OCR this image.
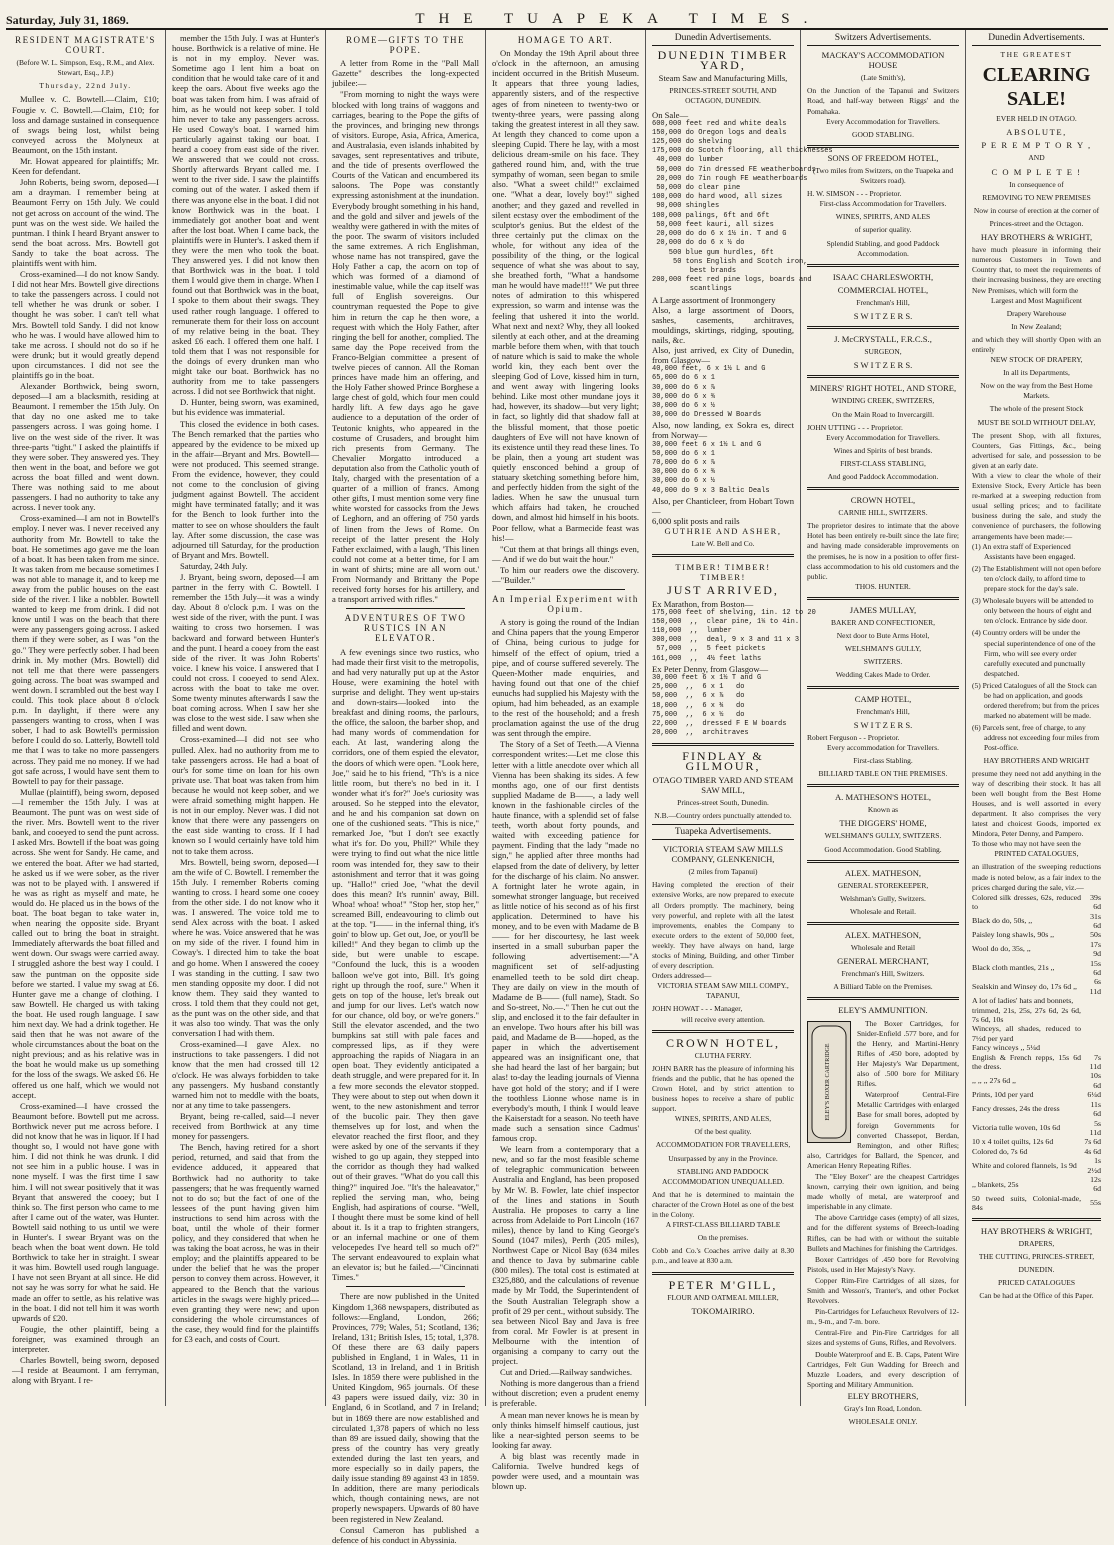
Saturday, July 31, 1869.	THE TUAPEKA TIMES.
RESIDENT MAGISTRATE'S COURT.
(Before W. L. Simpson, Esq., R.M., and Alex. Stewart, Esq., J.P.)
Thursday, 22nd July.

Mullee v. C. Bowtell.—Claim, £10; Fougie v. C. Bowtell.—Claim, £10; for loss and damage sustained in consequence of swags being lost, whilst being conveyed across the Molyneux at Beaumont, on the 15th instant.

Mr. Howat appeared for plaintiffs; Mr. Keen for defendant.

John Roberts, being sworn, deposed—I am a drayman. I remember being at Beaumont Ferry on 15th July. We could not get across on account of the wind. The punt was on the west side. We hailed the puntman. I think I heard Bryant answer to send the boat across. Mrs. Bowtell got Sandy to take the boat across. The plaintiffs went with him.

Cross-examined—I do not know Sandy. I did not hear Mrs. Bowtell give directions to take the passengers across. I could not tell whether he was drunk or sober. I thought he was sober. I can't tell what Mrs. Bowtell told Sandy. I did not know who he was. I would have allowed him to take me across. I should not do so if he were drunk; but it would greatly depend upon circumstances. I did not see the plaintiffs go in the boat.

Alexander Borthwick, being sworn, deposed—I am a blacksmith, residing at Beaumont. I remember the 15th July. On that day no one asked me to take passengers across. I was going home. I live on the west side of the river. It was three-parts "tight." I asked the plaintiffs if they were sober. They answered yes. They then went in the boat, and before we got across the boat filled and went down. There was nothing said to me about passengers. I had no authority to take any across. I never took any.

Cross-examined—I am not in Bowtell's employ. I never was. I never received any authority from Mr. Bowtell to take the boat. He sometimes ago gave me the loan of a boat. It has been taken from me since. It was taken from me because sometimes I was not able to manage it, and to keep me away from the public houses on the east side of the river. I like a nobbler. Bowtell wanted to keep me from drink. I did not know until I was on the beach that there were any passengers going across. I asked them if they were sober, as I was "on the go." They were perfectly sober. I had been drink in. My mother (Mrs. Bowtell) did not tell me that there were passengers going across. The boat was swamped and went down. I scrambled out the best way I could. This took place about 8 o'clock p.m. In daylight, if there were any passengers wanting to cross, when I was sober, I had to ask Bowtell's permission before I could do so. Latterly, Bowtell told me that I was to take no more passengers across. They paid me no money. If we had got safe across, I would have sent them to Bowtell to pay for their passage.

Mullae (plaintiff), being sworn, deposed—I remember the 15th July. I was at Beaumont. The punt was on west side of the river. Mrs. Bowtell went to the river bank, and cooeyed to send the punt across. I asked Mrs. Bowtell if the boat was going across. She went for Sandy. He came, and we entered the boat. After we had started, he asked us if we were sober, as the river was not to be played with. I answered if he was as right as myself and mate, he would do. He placed us in the bows of the boat. The boat began to take water in, when nearing the opposite side. Bryant called out to bring the boat in straight. Immediately afterwards the boat filled and went down. Our swags were carried away. I struggled ashore the best way I could. I saw the puntman on the opposite side before we started. I value my swag at £6. Hunter gave me a change of clothing. I saw Bowtell. He charged us with taking the boat. He used rough language. I saw him next day. We had a drink together. He said then that he was not aware of the whole circumstances about the boat on the night previous; and as his relative was in the boat he would make us up something for the loss of the swags. We asked £6. He offered us one half, which we would not accept.

Cross-examined—I have crossed the Beaumont before. Bowtell put me across. Borthwick never put me across before. I did not know that he was in liquor. If I had thought so, I would not have gone with him. I did not think he was drunk. I did not see him in a public house. I was in none myself. I was the first time I saw him. I will not swear positively that it was Bryant that answered the cooey; but I think so. The first person who came to me after I came out of the water, was Hunter. Bowtell said nothing to us until we were in Hunter's. I swear Bryant was on the beach when the boat went down. He told Borthwick to take her in straight. I swear it was him. Bowtell used rough language. I have not seen Bryant at all since. He did not say he was sorry for what he said. He made an offer to settle, as his relative was in the boat. I did not tell him it was worth upwards of £20.

Fougie, the other plaintiff, being a foreigner, was examined through an interpreter.

Charles Bowtell, being sworn, deposed—I reside at Beaumont. I am ferryman, along with Bryant. I re-

member the 15th July. I was at Hunter's house. Borthwick is a relative of mine. He is not in my employ. Never was. Sometime ago I lent him a boat on condition that he would take care of it and keep the oars. About five weeks ago the boat was taken from him. I was afraid of him, as he would not keep sober. I told him never to take any passengers across. He used Coway's boat. I warned him particularly against taking our boat. I heard a cooey from east side of the river. We answered that we could not cross. Shortly afterwards Bryant called me. I went to the river side. I saw the plaintiffs coming out of the water. I asked them if there was anyone else in the boat. I did not know Borthwick was in the boat. I immediately got another boat and went after the lost boat. When I came back, the plaintiffs were in Hunter's. I asked them if they were the men who took the boat. They answered yes. I did not know then that Borthwick was in the boat. I told them I would give them in charge. When I found out that Borthwick was in the boat, I spoke to them about their swags. They used rather rough language. I offered to remunerate them for their loss on account of my relative being in the boat. They asked £6 each. I offered them one half. I told them that I was not responsible for the doings of every drunken man who might take our boat. Borthwick has no authority from me to take passengers across. I did not see Borthwick that night.

D. Hunter, being sworn, was examined, but his evidence was immaterial.

This closed the evidence in both cases. The Bench remarked that the parties who appeared by the evidence to be mixed up in the affair—Bryant and Mrs. Bowtell—were not produced. This seemed strange. From the evidence, however, they could not come to the conclusion of giving judgment against Bowtell. The accident might have terminated fatally; and it was for the Bench to look further into the matter to see on whose shoulders the fault lay. After some discussion, the case was adjourned till Saturday, for the production of Bryant and Mrs. Bowtell.

Saturday, 24th July.

J. Bryant, being sworn, deposed—I am partner in the ferry with C. Bowtell. I remember the 15th July—it was a windy day. About 8 o'clock p.m. I was on the west side of the river, with the punt. I was waiting to cross two horsemen. I was backward and forward between Hunter's and the punt. I heard a cooey from the east side of the river. It was John Roberts' voice. I knew his voice. I answered that I could not cross. I cooeyed to send Alex. across with the boat to take me over. Some twenty minutes afterwards I saw the boat coming across. When I saw her she was close to the west side. I saw when she filled and went down.

Cross-examined—I did not see who pulled. Alex. had no authority from me to take passengers across. He had a boat of our's for some time on loan for his own private use. That boat was taken from him because he would not keep sober, and we were afraid something might happen. He is not in our employ. Never was. I did not know that there were any passengers on the east side wanting to cross. If I had known so I would certainly have told him not to take them across.

Mrs. Bowtell, being sworn, deposed—I am the wife of C. Bowtell. I remember the 15th July. I remember Roberts coming wanting to cross. I heard some one cooey from the other side. I do not know who it was. I answered. The voice told me to send Alex across with the boat. I asked where he was. Voice answered that he was on my side of the river. I found him in Coway's. I directed him to take the boat and go home. When I answered the cooey I was standing in the cutting. I saw two men standing opposite my door. I did not know them. They said they wanted to cross. I told them that they could not get, as the punt was on the other side, and that it was also too windy. That was the only conversation I had with them.

Cross-examined—I gave Alex. no instructions to take passengers. I did not know that the men had crossed till 12 o'clock. He was always forbidden to take any passengers. My husband constantly warned him not to meddle with the boats, nor at any time to take passengers.

Bryant, being re-called, said—I never received from Borthwick at any time money for passengers.

The Bench, having retired for a short period, returned, and said that from the evidence adduced, it appeared that Borthwick had no authority to take passengers; that he was frequently warned not to do so; but the fact of one of the lessees of the punt having given him instructions to send him across with the boat, until the whole of their former policy, and they considered that when he was taking the boat across, he was in their employ; and the plaintiffs appeared to be under the belief that he was the proper person to convey them across. However, it appeared to the Bench that the various articles in the swags were highly priced—even granting they were new; and upon considering the whole circumstances of the case, they would find for the plaintiffs for £3 each, and costs of Court.

ROME—GIFTS TO THE POPE.

A letter from Rome in the "Pall Mall Gazette" describes the long-expected jubilee:—

"From morning to night the ways were blocked with long trains of waggons and carriages, bearing to the Pope the gifts of the provinces, and bringing new throngs of visitors. Europe, Asia, Africa, America, and Australasia, even islands inhabited by savages, sent representatives and tribute, and the tide of presents overflowed the Courts of the Vatican and encumbered its saloons. The Pope was constantly expressing astonishment at the inundation. Everybody brought something in his hand, and the gold and silver and jewels of the wealthy were gathered in with the mites of the poor. The swarm of visitors included the same extremes. A rich Englishman, whose name has not transpired, gave the Holy Father a cap, the acorn on top of which was formed of a diamond of inestimable value, while the cap itself was full of English sovereigns. Our countryman requested the Pope to give him in return the cap he then wore, a request with which the Holy Father, after ringing the bell for another, complied. The same day the Pope received from the Franco-Belgian committee a present of twelve pieces of cannon. All the Roman princes have made him an offering, and the Holy Father showed Prince Borghese a large chest of gold, which four men could hardly lift. A few days ago he gave audience to a deputation of the order of Teutonic knights, who appeared in the costume of Crusaders, and brought him rich presents from Germany. The Chevalier Morgatto introduced a deputation also from the Catholic youth of Italy, charged with the presentation of a quarter of a million of francs. Among other gifts, I must mention some very fine white worsted for cassocks from the Jews of Leghorn, and an offering of 750 yards of linen from the Jews of Rome. On receipt of the latter present the Holy Father exclaimed, with a laugh, 'This linen could not come at a better time, for I am in want of shirts; mine are all worn out.' From Normandy and Brittany the Pope received forty horses for his artillery, and a transport arrived with rifles."

ADVENTURES OF TWO RUSTICS IN AN ELEVATOR.

A few evenings since two rustics, who had made their first visit to the metropolis, and had very naturally put up at the Astor House, were examining the hotel with surprise and delight. They went up-stairs and down-stairs—looked into the breakfast and dining rooms, the parlours, the office, the saloon, the barber shop, and had many words of commendation for each. At last, wandering along the corridors, one of them espied the elevator, the doors of which were open. "Look here, Joe," said he to his friend, "Th's is a nice little room, but there's no bed in it. I wonder what it's for?" Joe's curiosity was aroused. So he stepped into the elevator, and he and his companion sat down on one of the cushioned seats. "This is nice," remarked Joe, "but I don't see exactly what it's for. Do you, Phill?" While they were trying to find out what the nice little room was intended for, they saw to their astonishment and terror that it was going up. "Hallo!" cried Joe, "what the devil does this mean? It's runnin' away, Bill. Whoa! whoa! whoa!" "Stop her, stop her," screamed Bill, endeavouring to climb out at the top. "I—— in the infernal thing, it's goin' to blow up. Get out, Joe, or you'll be killed!" And they began to climb up the side, but were unable to escape. "Confound the luck, this is a wooden balloon we've got into, Bill. It's going right up through the roof, sure." When it gets on top of the house, let's break out and jump for our lives. Let's watch now for our chance, old boy, or we're goners." Still the elevator ascended, and the two bumpkins sat still with pale faces and compressed lips, as if they were approaching the rapids of Niagara in an open boat. They evidently anticipated a death struggle, and were prepared for it. In a few more seconds the elevator stopped. They were about to step out when down it went, to the new astonishment and terror of the bucolic pair. They then gave themselves up for lost, and when the elevator reached the first floor, and they were asked by one of the servants if they wished to go up again, they stepped into the corridor as though they had walked out of their graves. "What do you call this thing?" inquired Joe. "It's the haleavator," replied the serving man, who, being English, had aspirations of course. "Well, I thought there must be some kind of hell about it. Is it a trap to frighten strangers, or an infernal machine or one of them velocepedes I've heard tell so much of?" The servant endeavoured to explain what an elevator is; but he failed.—"Cincinnati Times."

There are now published in the United Kingdom 1,368 newspapers, distributed as follows:—England, London, 266; Provinces, 779; Wales, 51; Scotland, 136; Ireland, 131; British Isles, 15; total, 1,378. Of these there are 63 daily papers published in England, 1 in Wales, 11 in Scotland, 13 in Ireland, and 1 in British Isles. In 1859 there were published in the United Kingdom, 965 journals. Of these 43 papers were issued daily, viz: 30 in England, 6 in Scotland, and 7 in Ireland; but in 1869 there are now established and circulated 1,378 papers of which no less than 89 are issued daily, showing that the press of the country has very greatly extended during the last ten years, and more especially so in daily papers, the daily issue standing 89 against 43 in 1859. In addition, there are many periodicals which, though containing news, are not properly newspapers. Upwards of 80 have been registered in New Zealand.

Consul Cameron has published a defence of his conduct in Abyssinia.

HOMAGE TO ART.

On Monday the 19th April about three o'clock in the afternoon, an amusing incident occurred in the British Museum. It appears that three young ladies, apparently sisters, and of the respective ages of from nineteen to twenty-two or twenty-three years, were passing along taking the greatest interest in all they saw. At length they chanced to come upon a sleeping Cupid. There he lay, with a most delicious dream-smile on his face. They gathered round him, and, with the true sympathy of woman, seen began to smile also. "What a sweet child!" exclaimed one. "What a dear, lovely boy!" sighed another; and they gazed and revelled in silent ecstasy over the embodiment of the sculptor's genius. But the eldest of the three certainly put the climax on the whole, for without any idea of the possibility of the thing, or the logical sequence of what she was about to say, she breathed forth, "What a handsome man he would have made!!!" We put three notes of admiration to this whispered expression, so warm and intense was the feeling that ushered it into the world. What next and next? Why, they all looked silently at each other, and at the dreaming marble before them when, with that touch of nature which is said to make the whole world kin, they each bent over the sleeping God of Love, kissed him in turn, and went away with lingering looks behind. Like most other mundane joys it had, however, its shadow—but very light; in fact, so lightly did that shadow fall at the blissful moment, that those poetic daughters of Eve will not have known of its existence until they read these lines. To be plain, then a young art student was quietly ensconced behind a group of statuary sketching something before him, and perfectly hidden from the sight of the ladies. When he saw the unusual turn which affairs had taken, he crouched down, and almost hid himself in his boots. Poor fellow, what a Barmecide feast was his!—

"Cut them at that brings all things even,— And if we do but wait the hour."

To him our readers owe the discovery.—"Builder."

An Imperial Experiment with Opium.

A story is going the round of the Indian and China papers that the young Emperor of China, being curious to judge for himself of the effect of opium, tried a pipe, and of course suffered severely. The Queen-Mother made enquiries, and having found out that one of the chief eunuchs had supplied his Majesty with the opium, had him beheaded, as an example to the rest of the household; and a fresh proclamation against the use of the drug was sent through the empire.

The Story of a Set of Teeth.—A Vienna correspondent writes:—Let me close this letter with a little anecdote over which all Vienna has been shaking its sides. A few months ago, one of our first dentists supplied Madame de B——, a lady well known in the fashionable circles of the haute finance, with a splendid set of false teeth, worth about forty pounds, and waited with exceeding patience for payment. Finding that the lady "made no sign," he applied after three months had elapsed from the date of delivery, by letter for the discharge of his claim. No answer. A fortnight later he wrote again, in somewhat stronger language, but received as little notice of his second as of his first application. Determined to have his money, and to be even with Madame de B—— for her discourtesy, he last week inserted in a small suburban paper the following advertisement:—"A magnificent set of self-adjusting enamelled teeth to be sold dirt cheap. They are daily on view in the mouth of Madame de B—— (full name), Stadt. So and So-street, No.—." Then he cut out the slip, and enclosed it to the fair defaulter in an envelope. Two hours after his bill was paid, and Madame de B——hoped, as the paper in which the advertisement appeared was an insignificant one, that she had heard the last of her bargain; but alas! to-day the leading journals of Vienna have got hold of the story; and if I were the toothless Lionne whose name is in everybody's mouth, I think I would leave the Kaiserstadt for a season. No teeth have made such a sensation since Cadmus' famous crop.

We learn from a contemporary that a new, and so far the most feasible scheme of telegraphic communication between Australia and England, has been proposed by Mr W. B. Fowler, late chief inspector of the lines and stations in South Australia. He proposes to carry a line across from Adelaide to Port Lincoln (167 miles), thence by land to King George's Sound (1047 miles), Perth (205 miles), Northwest Cape or Nicol Bay (634 miles and thence to Java by submarine cable (800 miles). The total cost is estimated at £325,880, and the calculations of revenue made by Mr Todd, the Superintendent of the South Australian Telegraph show a profit of 29 per cent., without subsidy. The sea between Nicol Bay and Java is free from coral. Mr Fowler is at present in Melbourne with the intention of organising a company to carry out the project.

Cut and Dried.—Railway sandwiches.

Nothing is more dangerous than a friend without discretion; even a prudent enemy is preferable.

A mean man never knows he is mean by only thinks himself himself cautious, just like a near-sighted person seems to be looking far away.

A big blast was recently made in California. Twelve hundred kegs of powder were used, and a mountain was blown up.

Dunedin Advertisements.
DUNEDIN TIMBER YARD,
Steam Saw and Manufacturing Mills,
PRINCES-STREET SOUTH, AND OCTAGON, DUNEDIN.
On Sale—
600,000 feet red and white deals
150,000 do Oregon logs and deals
125,000 do shelving
175,000 do Scotch flooring, all thicknesses
40,000 do lumber
50,000 do 7in dressed FE weatherboards
20,000 do 7in rough FE weatherboards
50,000 do clear pine
100,000 do hard wood, all sizes
90,000 shingles
100,000 palings, 6ft and 6ft
50,000 feet kauri, all sizes
20,000 do do 6 x 1½ in. T and G
20,000 do do 6 x ½ do
500 blue gum hurdles, 6ft
50 tons English and Scotch iron,
best brands
200,000 feet red pine logs, boards and
scantlings
A Large assortment of Ironmongery
Also, a large assortment of Doors, sashes, casements, architraves, mouldings, skirtings, ridging, spouting, nails, &c.
Also, just arrived, ex City of Dunedin, from Glasgow—
40,000 feet, 6 x 1½ L and G
65,000 do 6 x 1
30,000 do 6 x ⅞
30,000 do 6 x ¾
30,000 do 6 x ½
30,000 do Dressed W Boards
Also, now landing, ex Sokra es, direct from Norway—
30,000 feet 6 x 1½ L and G
50,000 do 6 x 1
70,000 do 6 x ⅞
30,000 do 6 x ¾
30,000 do 6 x ½
40,000 do 9 x 3 Baltic Deals
Also, per Chanticleer, from Hobart Town—
6,000 split posts and rails
GUTHRIE AND ASHER,
Late W. Bell and Co.
TIMBER! TIMBER! TIMBER!
JUST ARRIVED,
Ex Marathon, from Boston—
175,000 feet of shelving, 1in. 12 to 20
150,000  ,,  clear pine, 1¼ to 4in.
110,000  ,,  lumber
300,000  ,,  deal, 9 x 3 and 11 x 3
57,000  ,,  5 feet pickets
161,000  ,,  4½ feet laths
Ex Peter Denny, from Glasgow—
30,000 feet 6 x 1½ T and G
25,000  ,,  6 x 1   do
50,000  ,,  6 x ⅞   do
18,000  ,,  6 x ¾   do
75,000  ,,  6 x ½   do
22,000  ,,  dressed F E W boards
20,000  ,,  architraves
FINDLAY & GILMOUR,
OTAGO TIMBER YARD AND STEAM SAW MILL,
Princes-street South, Dunedin.
N.B.—Country orders punctually attended to.
Tuapeka Advertisements.
VICTORIA STEAM SAW MILLS COMPANY, GLENKENICH,
(2 miles from Tapanui)
Having completed the erection of their extensive Works, are now prepared to execute all Orders promptly. The machinery, being very powerful, and replete with all the latest improvements, enables the Company to execute orders to the extent of 50,000 feet, weekly. They have always on hand, large stocks of Mining, Building, and other Timber of every description.
Orders addressed—
VICTORIA STEAM SAW MILL COMPY., TAPANUI,
JOHN HOWAT - - - Manager,
will receive every attention.
CROWN HOTEL,
CLUTHA FERRY.
JOHN BARR has the pleasure of informing his friends and the public, that he has opened the Crown Hotel, and by strict attention to business hopes to receive a share of public support.
WINES, SPIRITS, AND ALES,
Of the best quality.
ACCOMMODATION FOR TRAVELLERS,
Unsurpassed by any in the Province.
STABLING AND PADDOCK ACCOMMODATION UNEQUALLED.
And that he is determined to maintain the character of the Crown Hotel as one of the best in the Colony.
A FIRST-CLASS BILLIARD TABLE
On the premises.
Cobb and Co.'s Coaches arrive daily at 8.30 p.m., and leave at 830 a.m.
PETER M'GILL,
FLOUR AND OATMEAL MILLER,
TOKOMAIRIRO.
Switzers Advertisements.
MACKAY'S ACCOMMODATION HOUSE
(Late Smith's),
On the Junction of the Tapanui and Switzers Road, and half-way between Riggs' and the Pomahaka.
Every Accommodation for Travellers.
GOOD STABLING.
SONS OF FREEDOM HOTEL,
(Two miles from Switzers, on the Tuapeka and Switzers road).
H. W. SIMSON - - - Proprietor.
First-class Accommodation for Travellers.
WINES, SPIRITS, AND ALES
of superior quality.
Splendid Stabling, and good Paddock Accommodation.
ISAAC CHARLESWORTH,
COMMERCIAL HOTEL,
Frenchman's Hill,
S W I T Z E R S.
J. McCRYSTALL, F.R.C.S.,
SURGEON,
S W I T Z E R S.
MINERS' RIGHT HOTEL, AND STORE,
WINDING CREEK, SWITZERS,
On the Main Road to Invercargill.
JOHN UTTING - - - Proprietor.
Every Accommodation for Travellers.
Wines and Spirits of best brands.
FIRST-CLASS STABLING,
And good Paddock Accommodation.
CROWN HOTEL,
CARNIE HILL, SWITZERS.
The proprietor desires to intimate that the above Hotel has been entirely re-built since the late fire; and having made considerable improvements on the premises, he is now in a position to offer first-class accommodation to his old customers and the public.
THOS. HUNTER.
JAMES MULLAY,
BAKER AND CONFECTIONER,
Next door to Bute Arms Hotel,
WELSHMAN'S GULLY,
SWITZERS.
Wedding Cakes Made to Order.
CAMP HOTEL,
Frenchman's Hill,
S W I T Z E R S.
Robert Ferguson - - Proprietor.
Every accommodation for Travellers.
First-class Stabling.
BILLIARD TABLE ON THE PREMISES.
A. MATHESON'S HOTEL,
Known as
THE DIGGERS' HOME,
WELSHMAN'S GULLY, SWITZERS.
Good Accommodation. Good Stabling.
ALEX. MATHESON,
GENERAL STOREKEEPER,
Welshman's Gully, Switzers.
Wholesale and Retail.
ALEX. MATHESON,
Wholesale and Retail
GENERAL MERCHANT,
Frenchman's Hill, Switzers.
A Billiard Table on the Premises.
ELEY'S AMMUNITION.
ELEY'S BOXER CARTRIDGE

The Boxer Cartridges, for Snider-Enfield .577 bore, and for the Henry, and Martini-Henry Rifles of .450 bore, adopted by Her Majesty's War Department, also of .500 bore for Military Rifles.

Waterproof Central-Fire Metallic Cartridges with enlarged Base for small bores, adopted by foreign Governments for converted Chassepot, Berdan, Remington, and other Rifles; also, Cartridges for Ballard, the Spencer, and American Henry Repeating Rifles.

The "Eley Boxer" are the cheapest Cartridges known, carrying their own ignition, and being made wholly of metal, are waterproof and imperishable in any climate.

The above Cartridge cases (empty) of all sizes, and for the different systems of Breech-loading Rifles, can be had with or without the suitable Bullets and Machines for finishing the Cartridges.

Boxer Cartridges of .450 bore for Revolving Pistols, used in Her Majesty's Navy.

Copper Rim-Fire Cartridges of all sizes, for Smith and Wesson's, Tranter's, and other Pocket Revolvers.

Pin-Cartridges for Lefaucheux Revolvers of 12-m., 9-m., and 7-m. bore.

Central-Fire and Pin-Fire Cartridges for all sizes and systems of Guns, Rifles, and Revolvers.

Double Waterproof and E. B. Caps, Patent Wire Cartridges, Felt Gun Wadding for Breech and Muzzle Loaders, and every description of Sporting and Military Ammunition.

ELEY BROTHERS,
Gray's Inn Road, London.
WHOLESALE ONLY.
Dunedin Advertisements.
THE GREATEST
CLEARING SALE!
EVER HELD IN OTAGO.
ABSOLUTE,
P E R E M P T O R Y ,
AND
C O M P L E T E !
In consequence of
REMOVING TO NEW PREMISES
Now in course of erection at the corner of
Princes-street and the Octagon.
HAY BROTHERS & WRIGHT,
have much pleasure in informing their numerous Customers in Town and Country that, to meet the requirements of their increasing business, they are erecting New Premises, which will form the
Largest and Most Magnificent
Drapery Warehouse
In New Zealand;
and which they will shortly Open with an entirely
NEW STOCK OF DRAPERY,
In all its Departments,
Now on the way from the Best Home Markets.
The whole of the present Stock
MUST BE SOLD WITHOUT DELAY,
The present Shop, with all fixtures, Counters, Gas Fittings, &c., being advertised for sale, and possession to be given at an early date.
With a view to clear the whole of their Extensive Stock, Every Article has been re-marked at a sweeping reduction from usual selling prices; and to facilitate business during the sale, and study the convenience of purchasers, the following arrangements have been made:—
(1) An extra staff of Experienced Assistants have been engaged.
(2) The Establishment will not open before ten o'clock daily, to afford time to prepare stock for the day's sale.
(3) Wholesale buyers will be attended to only between the hours of eight and ten o'clock. Entrance by side door.
(4) Country orders will be under the special superintendence of one of the Firm, who will see every order carefully executed and punctually despatched.
(5) Priced Catalogues of all the Stock can be had on application, and goods ordered therefrom; but from the prices marked no abatement will be made.
(6) Parcels sent, free of charge, to any address not exceeding four miles from Post-office.
HAY BROTHERS AND WRIGHT
presume they need not add anything in the way of describing their stock. It has all been well bought from the Best Home Houses, and is well assorted in every department. It also comprises the very latest and choicest Goods, imported ex Mindora, Peter Denny, and Pampero.
To those who may not have seen the
PRINTED CATALOGUES,
an illustration of the sweeping reductions made is noted below, as a fair index to the prices charged during the sale, viz.—
Colored silk dresses, 62s, reduced to	39s 6d
Black do do, 50s, ,,	31s 6d
Paisley long shawls, 90s ,,	50s
Wool do do, 35s, ,,	17s 9d
Black cloth mantles, 21s ,,	15s 6d
Sealskin and Winsey do, 17s 6d ,,	6s 11d
A lot of ladies' hats and bonnets,	
trimmed, 21s, 25s, 27s 6d, 2s 6d, 7s 6d, 10s	
Winceys, all shades, reduced to 7½d per yard	
Fancy winceys ,, 5¼d	
English & French repps, 15s 6d the dress.	7s 11d
,, ,, ,, 27s 6d ,,	10s 6d
Prints, 10d per yard	6¼d
Fancy dresses, 24s the dress	11s 6d
Victoria tulle woven, 10s 6d	5s 11d
10 x 4 toilet quilts, 12s 6d	7s 6d
Colored do, 7s 6d	4s 6d
White and colored flannels, 1s 9d	1s 2½d
,, blankets, 25s	12s 6d
50 tweed suits, Colonial-made, 84s	55s
HAY BROTHERS & WRIGHT,
DRAPERS,
THE CUTTING, PRINCES-STREET,
DUNEDIN.
PRICED CATALOGUES
Can be had at the Office of this Paper.
